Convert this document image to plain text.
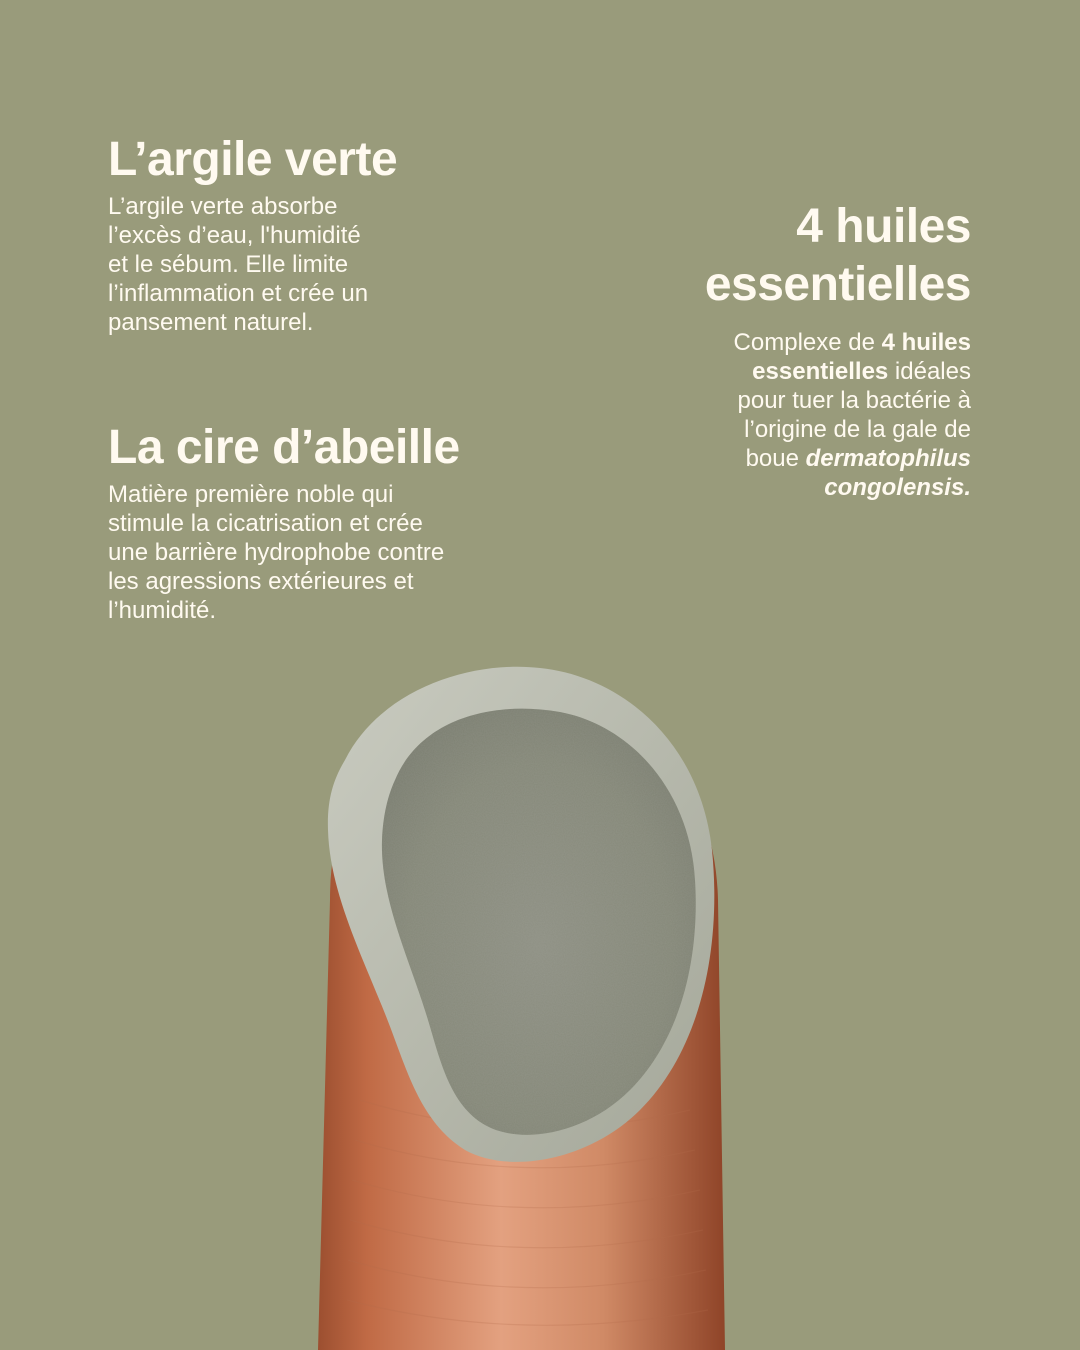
L’argile verte

L’argile verte absorbe
l’excès d’eau, l'humidité
et le sébum. Elle limite
l’inflammation et crée un
pansement naturel.

La cire d’abeille

Matière première noble qui
stimule la cicatrisation et crée
une barrière hydrophobe contre
les agressions extérieures et
l’humidité.

4 huiles
essentielles

Complexe de 4 huiles
essentielles idéales
pour tuer la bactérie à
l’origine de la gale de
boue dermatophilus
congolensis.
